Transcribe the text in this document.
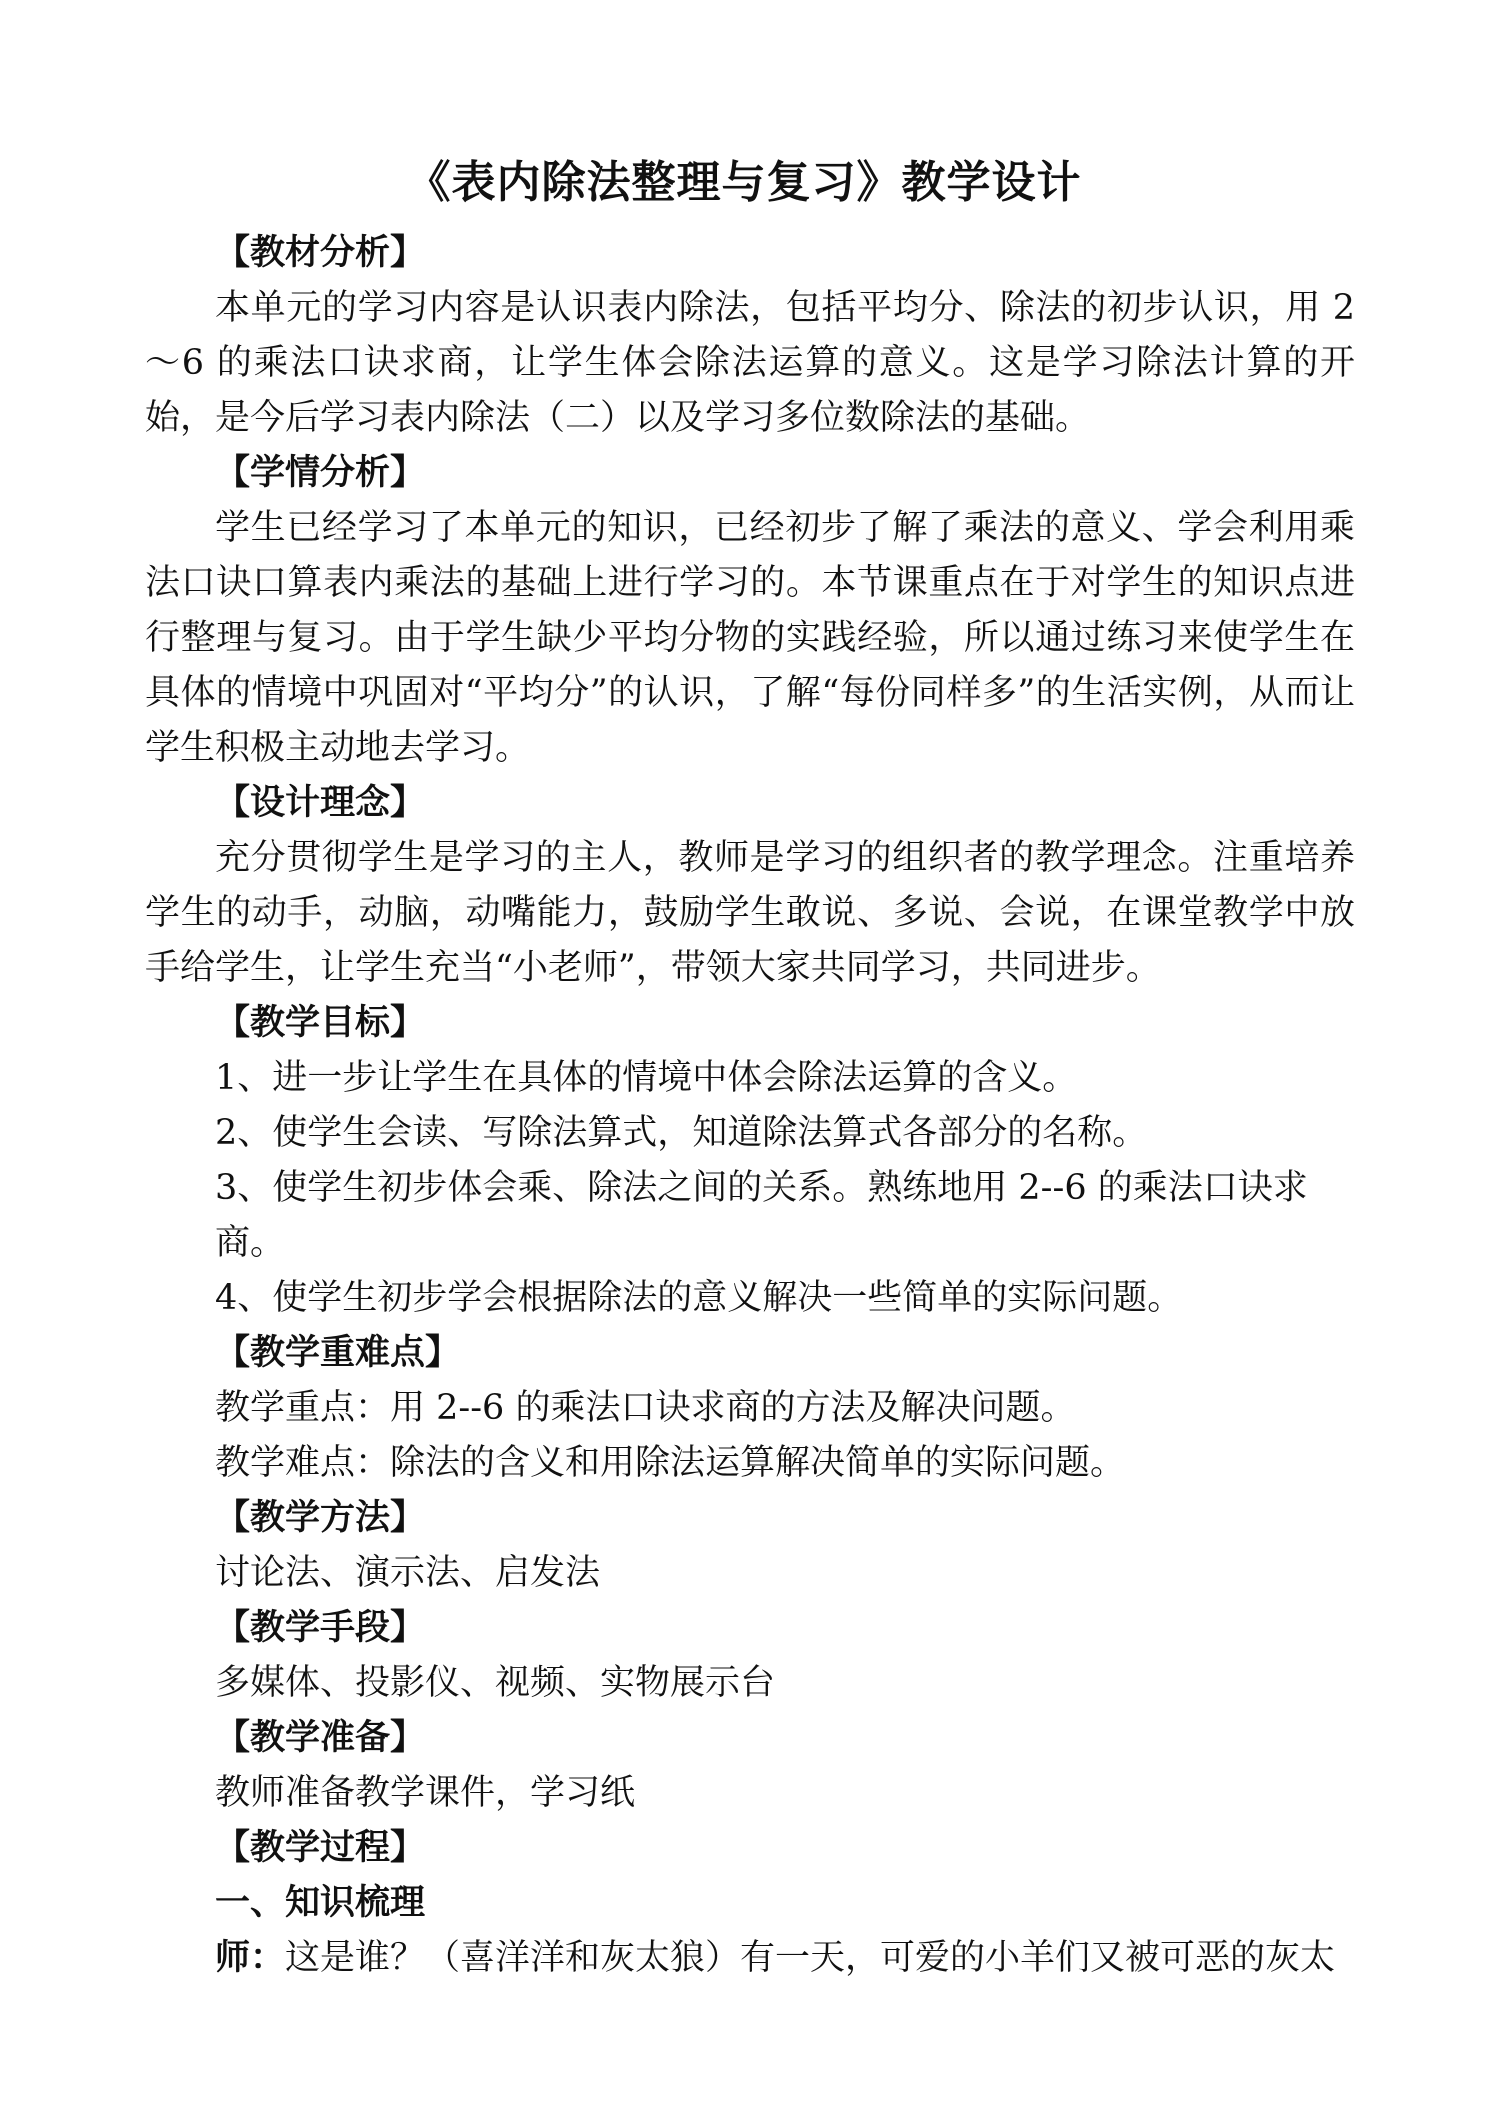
《表内除法整理与复习》教学设计
【教材分析】
本单元的学习内容是认识表内除法，包括平均分、除法的初步认识，用 2～6 的乘法口诀求商，让学生体会除法运算的意义。这是学习除法计算的开始，是今后学习表内除法（二）以及学习多位数除法的基础。
【学情分析】
学生已经学习了本单元的知识，已经初步了解了乘法的意义、学会利用乘法口诀口算表内乘法的基础上进行学习的。本节课重点在于对学生的知识点进行整理与复习。由于学生缺少平均分物的实践经验，所以通过练习来使学生在具体的情境中巩固对“平均分”的认识，了解“每份同样多”的生活实例，从而让学生积极主动地去学习。
【设计理念】
充分贯彻学生是学习的主人，教师是学习的组织者的教学理念。注重培养学生的动手，动脑，动嘴能力，鼓励学生敢说、多说、会说，在课堂教学中放手给学生，让学生充当“小老师”，带领大家共同学习，共同进步。
【教学目标】
1、进一步让学生在具体的情境中体会除法运算的含义。
2、使学生会读、写除法算式，知道除法算式各部分的名称。
3、使学生初步体会乘、除法之间的关系。熟练地用 2--6 的乘法口诀求商。
4、使学生初步学会根据除法的意义解决一些简单的实际问题。
【教学重难点】
教学重点：用 2--6 的乘法口诀求商的方法及解决问题。
教学难点：除法的含义和用除法运算解决简单的实际问题。
【教学方法】
讨论法、演示法、启发法
【教学手段】
多媒体、投影仪、视频、实物展示台
【教学准备】
教师准备教学课件，学习纸
【教学过程】
一、知识梳理
师：这是谁？（喜洋洋和灰太狼）有一天，可爱的小羊们又被可恶的灰太
